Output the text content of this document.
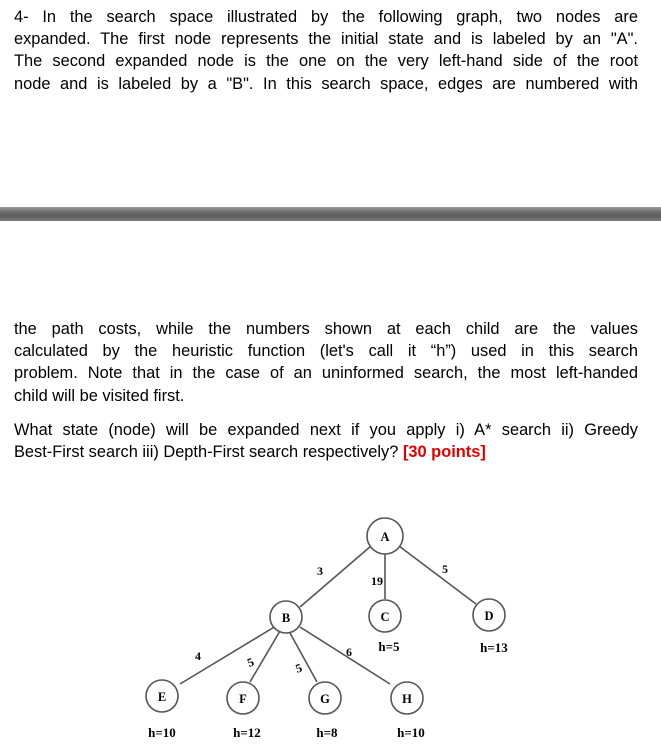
4- In the search space illustrated by the following graph, two nodes are
expanded. The first node represents the initial state and is labeled by an "A".
The second expanded node is the one on the very left-hand side of the root
node and is labeled by a "B". In this search space, edges are numbered with
the path costs, while the numbers shown at each child are the values
calculated by the heuristic function (let's call it “h”) used in this search
problem. Note that in the case of an uninformed search, the most left-handed
child will be visited first.
What state (node) will be expanded next if you apply i) A* search ii) Greedy
Best-First search iii) Depth-First search respectively? [30 points]
A
B	C	D
E	F	G	H
h=5	h=13
h=10	h=12	h=8	h=10
3
19
5
4	5	5
6
